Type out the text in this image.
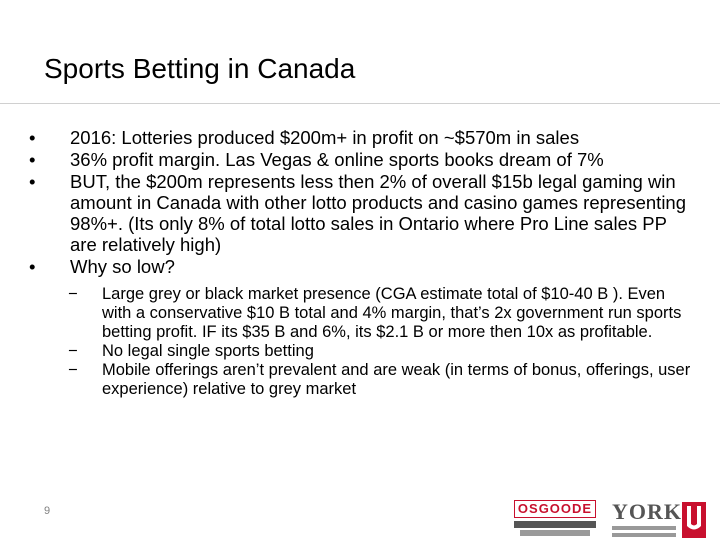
Sports Betting in Canada
• 2016: Lotteries produced $200m+ in profit on ~$570m in sales
• 36% profit margin. Las Vegas & online sports books dream of 7%
• BUT, the $200m represents less then 2% of overall $15b legal gaming win amount in Canada with other lotto products and casino games representing 98%+. (Its only 8% of total lotto sales in Ontario where Pro Line sales PP are relatively high)
• Why so low?
− Large grey or black market presence (CGA estimate total of $10-40 B ). Even with a conservative $10 B total and 4% margin, that’s 2x government run sports betting profit. IF its $35 B and 6%, its $2.1 B or more then 10x as profitable.
− No legal single sports betting
− Mobile offerings aren’t prevalent and are weak (in terms of bonus, offerings, user experience) relative to grey market
9	OSGOODE YORK
